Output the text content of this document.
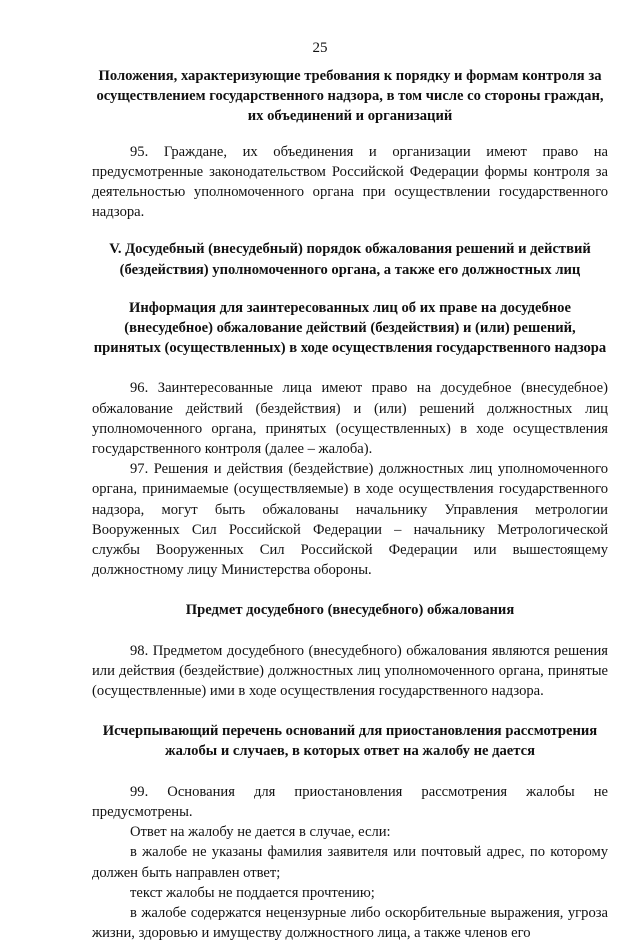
25

Положения, характеризующие требования к порядку и формам контроля за осуществлением государственного надзора, в том числе со стороны граждан, их объединений и организаций

95. Граждане, их объединения и организации имеют право на предусмотренные законодательством Российской Федерации формы контроля за деятельностью уполномоченного органа при осуществлении государственного надзора.

V. Досудебный (внесудебный) порядок обжалования решений и действий (бездействия) уполномоченного органа, а также его должностных лиц

Информация для заинтересованных лиц об их праве на досудебное (внесудебное) обжалование действий (бездействия) и (или) решений, принятых (осуществленных) в ходе осуществления государственного надзора

96. Заинтересованные лица имеют право на досудебное (внесудебное) обжалование действий (бездействия) и (или) решений должностных лиц уполномоченного органа, принятых (осуществленных) в ходе осуществления государственного контроля (далее – жалоба).

97. Решения и действия (бездействие) должностных лиц уполномоченного органа, принимаемые (осуществляемые) в ходе осуществления государственного надзора, могут быть обжалованы начальнику Управления метрологии Вооруженных Сил Российской Федерации – начальнику Метрологической службы Вооруженных Сил Российской Федерации или вышестоящему должностному лицу Министерства обороны.

Предмет досудебного (внесудебного) обжалования

98. Предметом досудебного (внесудебного) обжалования являются решения или действия (бездействие) должностных лиц уполномоченного органа, принятые (осуществленные) ими в ходе осуществления государственного надзора.

Исчерпывающий перечень оснований для приостановления рассмотрения жалобы и случаев, в которых ответ на жалобу не дается

99. Основания для приостановления рассмотрения жалобы не предусмотрены.

Ответ на жалобу не дается в случае, если:

в жалобе не указаны фамилия заявителя или почтовый адрес, по которому должен быть направлен ответ;

текст жалобы не поддается прочтению;

в жалобе содержатся нецензурные либо оскорбительные выражения, угроза жизни, здоровью и имуществу должностного лица, а также членов его
